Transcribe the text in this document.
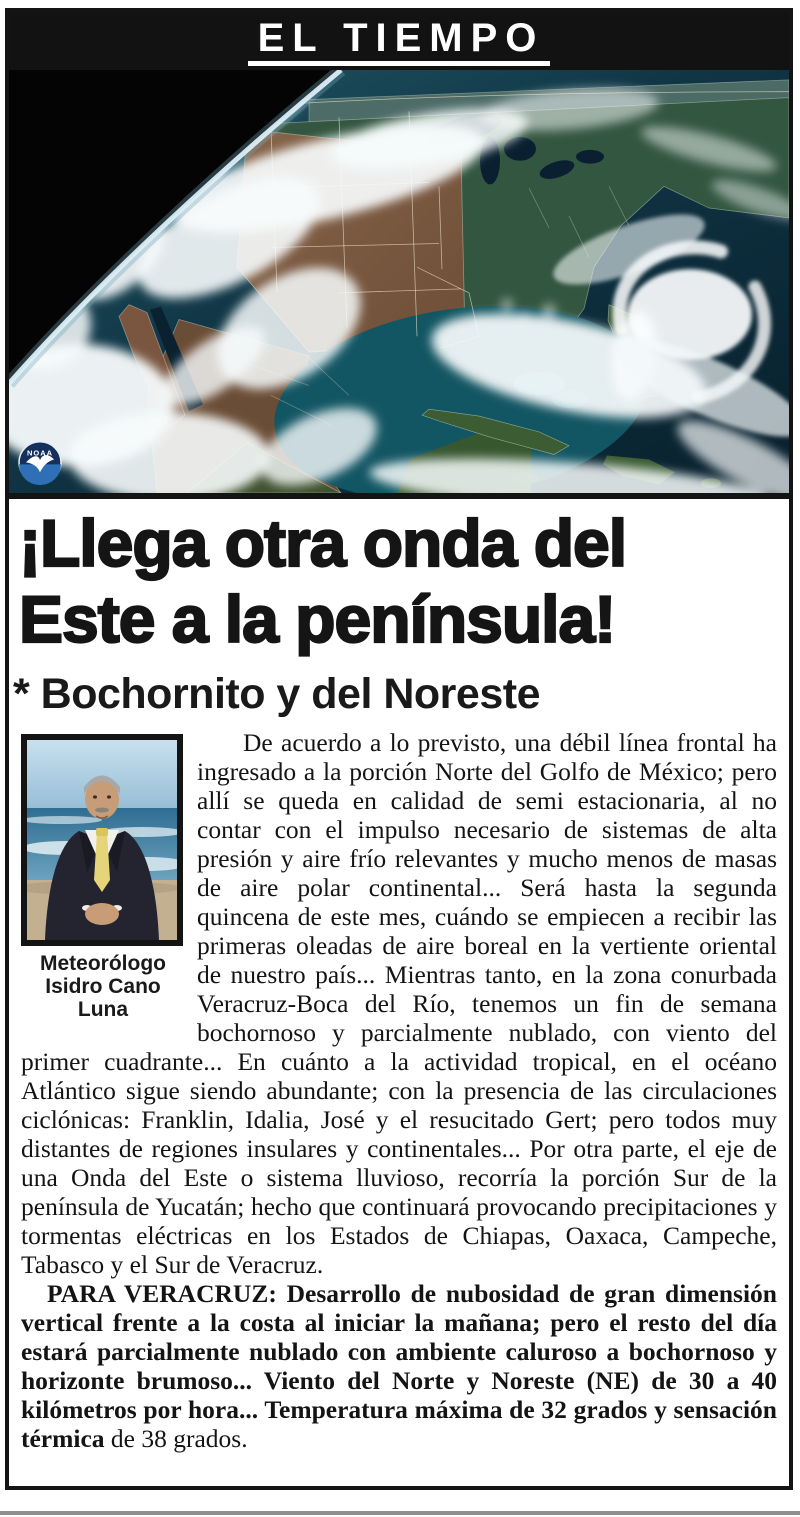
EL TIEMPO
NOAA
¡Llega otra onda del
Este a la península!
* Bochornito y del Noreste
Meteorólogo
Isidro Cano Luna

De acuerdo a lo previsto, una débil línea frontal ha ingresado a la porción Norte del Golfo de México; pero allí se queda en calidad de semi estacionaria, al no contar con el impulso necesario de sistemas de alta presión y aire frío relevantes y mucho menos de masas de aire polar continental... Será hasta la segunda quincena de este mes, cuándo se empiecen a recibir las primeras oleadas de aire boreal en la vertiente oriental de nuestro país... Mientras tanto, en la zona conurbada Veracruz-Boca del Río, tenemos un fin de semana bochornoso y parcialmente nublado, con viento del primer cuadrante... En cuánto a la actividad tropical, en el océano Atlántico sigue siendo abundante; con la presencia de las circulaciones ciclónicas: Franklin, Idalia, José y el resucitado Gert; pero todos muy distantes de regiones insulares y continentales... Por otra parte, el eje de una Onda del Este o sistema lluvioso, recorría la porción Sur de la península de Yucatán; hecho que continuará provocando precipitaciones y tormentas eléctricas en los Estados de Chiapas, Oaxaca, Campeche, Tabasco y el Sur de Veracruz.

PARA VERACRUZ: Desarrollo de nubosidad de gran dimensión vertical frente a la costa al iniciar la mañana; pero el resto del día estará parcialmente nublado con ambiente caluroso a bochornoso y horizonte brumoso... Viento del Norte y Noreste (NE) de 30 a 40 kilómetros por hora... Temperatura máxima de 32 grados y sensación térmica de 38 grados.
